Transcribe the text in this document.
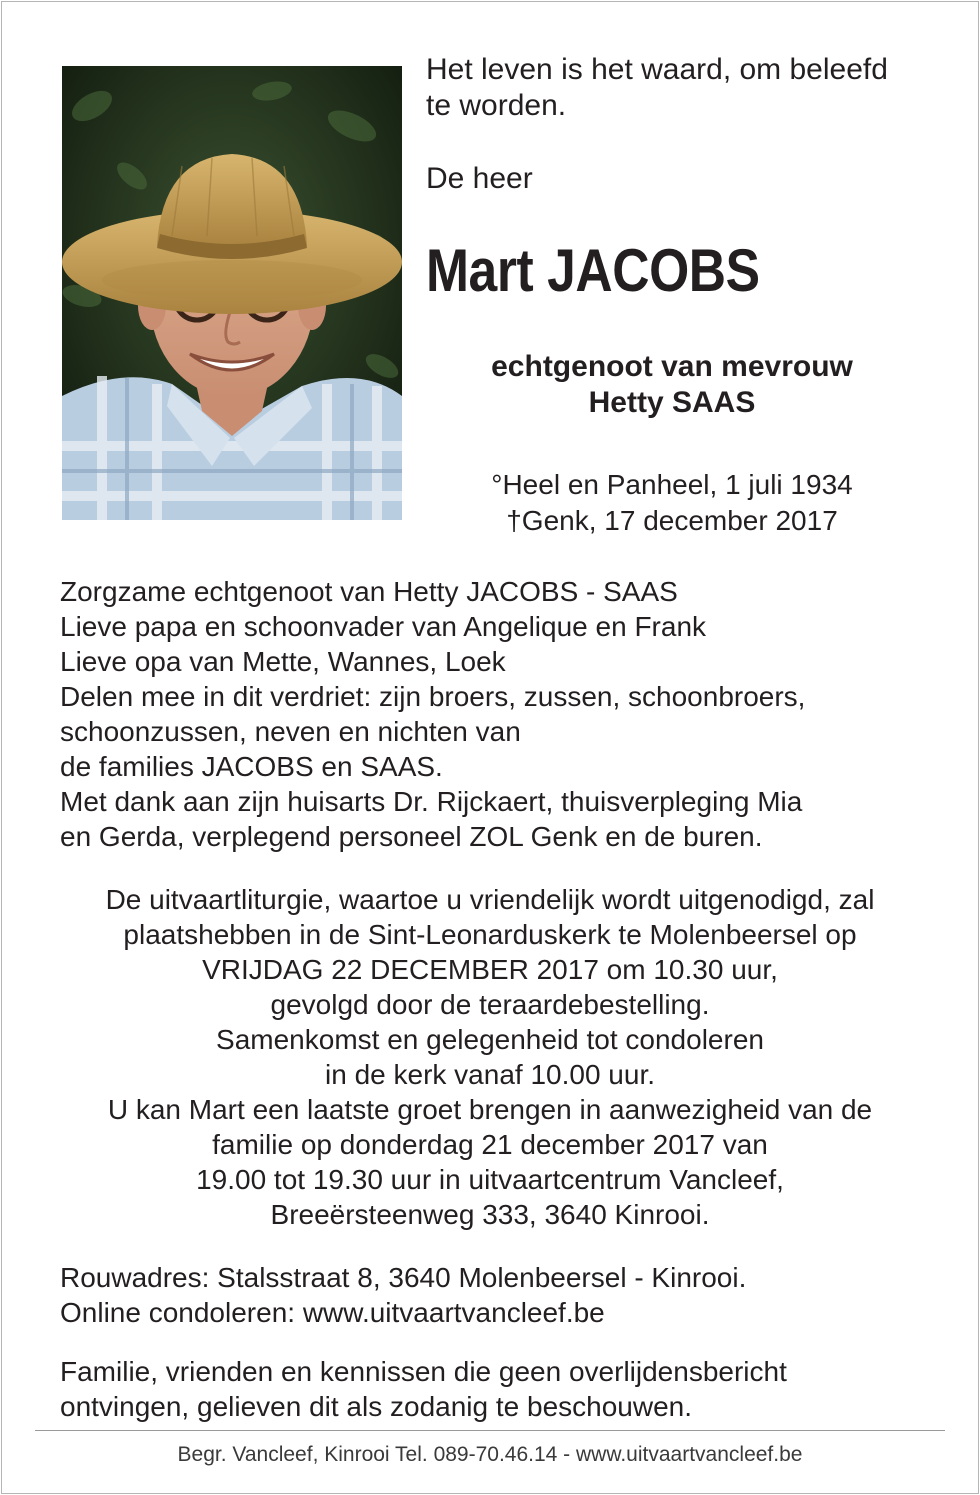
Het leven is het waard, om beleefd
te worden.

De heer

Mart JACOBS

echtgenoot van mevrouw
Hetty SAAS

°Heel en Panheel, 1 juli 1934
†Genk, 17 december 2017

Zorgzame echtgenoot van Hetty JACOBS - SAAS
Lieve papa en schoonvader van Angelique en Frank
Lieve opa van Mette, Wannes, Loek
Delen mee in dit verdriet: zijn broers, zussen, schoonbroers,
schoonzussen, neven en nichten van
de families JACOBS en SAAS.
Met dank aan zijn huisarts Dr. Rijckaert, thuisverpleging Mia
en Gerda, verplegend personeel ZOL Genk en de buren.

De uitvaartliturgie, waartoe u vriendelijk wordt uitgenodigd, zal
plaatshebben in de Sint-Leonarduskerk te Molenbeersel op
VRIJDAG 22 DECEMBER 2017 om 10.30 uur,
gevolgd door de teraardebestelling.
Samenkomst en gelegenheid tot condoleren
in de kerk vanaf 10.00 uur.
U kan Mart een laatste groet brengen in aanwezigheid van de
familie op donderdag 21 december 2017 van
19.00 tot 19.30 uur in uitvaartcentrum Vancleef,
Breeërsteenweg 333, 3640 Kinrooi.

Rouwadres: Stalsstraat 8, 3640 Molenbeersel - Kinrooi.
Online condoleren: www.uitvaartvancleef.be

Familie, vrienden en kennissen die geen overlijdensbericht
ontvingen, gelieven dit als zodanig te beschouwen.

Begr. Vancleef, Kinrooi Tel. 089-70.46.14 - www.uitvaartvancleef.be
